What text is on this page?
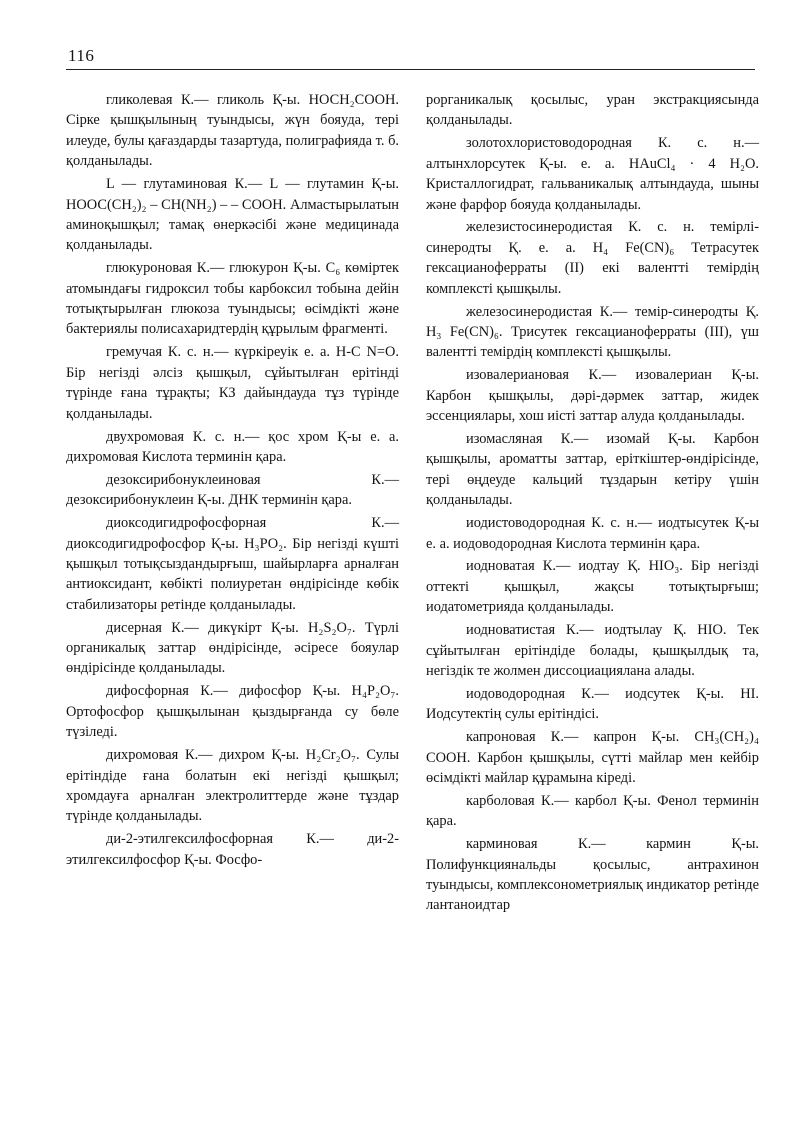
116

гликолевая К.— гликоль Қ-ы. НОСН₂СООН. Сірке қышқылының туындысы, жүн бояуда, тері илеуде, булы қағаздарды тазартуда, полиграфияда т. б. қолданылады.

L — глутаминовая К.— L — глутамин Қ-ы. НООС(СН₂)₂ – СН(NН₂) – – СООН. Алмастырылатын аминоқышқыл; тамақ өнеркәсібі және медицинада қолданылады.

глюкуроновая К.— глюкурон Қ-ы. С₆ көміртек атомындағы гидроксил тобы карбоксил тобына дейін тотықтырылған глюкоза туындысы; өсімдікті және бактериялы полисахаридтердің құрылым фрагменті.

гремучая К. с. н.— күркіреуік е. а. Н-С N=О. Бір негізді әлсіз қышқыл, сұйытылған ерітінді түрінде ғана тұрақты; КЗ дайындауда тұз түрінде қолданылады.

двухромовая К. с. н.— қос хром Қ-ы е. а. дихромовая Кислота терминін қара.

дезоксирибонуклеиновая К.— дезоксирибонуклеин Қ-ы. ДНК терминін қара.

диоксодигидрофосфорная К.— диоксодигидрофосфор Қ-ы. Н₃РО₂. Бір негізді күшті қышқыл тотықсыздандырғыш, шайырларға арналған антиоксидант, көбікті полиуретан өндірісінде көбік стабилизаторы ретінде қолданылады.

дисерная К.— дикүкірт Қ-ы. Н₂S₂О₇. Түрлі органикалық заттар өндірісінде, әсіресе бояулар өндірісінде қолданылады.

дифосфорная К.— дифосфор Қ-ы. Н₄Р₂О₇. Ортофосфор қышқылынан қыздырғанда су бөле түзіледі.

дихромовая К.— дихром Қ-ы. Н₂Сr₂О₇. Сулы ерітіндіде ғана болатын екі негізді қышқыл; хромдауға арналған электролиттерде және тұздар түрінде қолданылады.

ди-2-этилгексилфосфорная К.— ди-2-этилгексилфосфор Қ-ы. Фосфо-

рорганикалық қосылыс, уран экстракциясында қолданылады.

золотохлористоводородная К. с. н.— алтынхлорсутек Қ-ы. е. а. НАuСl₄ · 4 Н₂О. Кристаллогидрат, гальваникалық алтындауда, шыны және фарфор бояуда қолданылады.

железистосинеродистая К. с. н. темірлі-синеродты Қ. е. а. Н₄ Fе(СN)₆ Тетрасутек гексацианоферраты (II) екі валентті темірдің комплексті қышқылы.

железосинеродистая К.— темір-синеродты Қ. Н₃ Fе(СN)₆. Трисутек гексацианоферраты (III), үш валентті темірдің комплексті қышқылы.

изовалериановая К.— изовалериан Қ-ы. Карбон қышқылы, дәрі-дәрмек заттар, жидек эссенциялары, хош иісті заттар алуда қолданылады.

изомасляная К.— изомай Қ-ы. Карбон қышқылы, ароматты заттар, еріткіштер-өндірісінде, тері өңдеуде кальций тұздарын кетіру үшін қолданылады.

иодистоводородная К. с. н.— иодтысутек Қ-ы е. а. иодоводородная Кислота терминін қара.

иодноватая К.— иодтау Қ. НIО₃. Бір негізді оттекті қышқыл, жақсы тотықтырғыш; иодатометрияда қолданылады.

иодноватистая К.— иодтылау Қ. НIО. Тек сұйытылған ерітіндіде болады, қышқылдық та, негіздік те жолмен диссоциациялана алады.

иодоводородная К.— иодсутек Қ-ы. НI. Иодсутектің сулы ерітіндісі.

капроновая К.— капрон Қ-ы. СН₃(СН₂)₄ СООН. Карбон қышқылы, сүтті майлар мен кейбір өсімдікті майлар құрамына кіреді.

карболовая К.— карбол Қ-ы. Фенол терминін қара.

карминовая К.— кармин Қ-ы. Полифункциянальды қосылыс, антрахинон туындысы, комплексонометриялық индикатор ретінде лантаноидтар
